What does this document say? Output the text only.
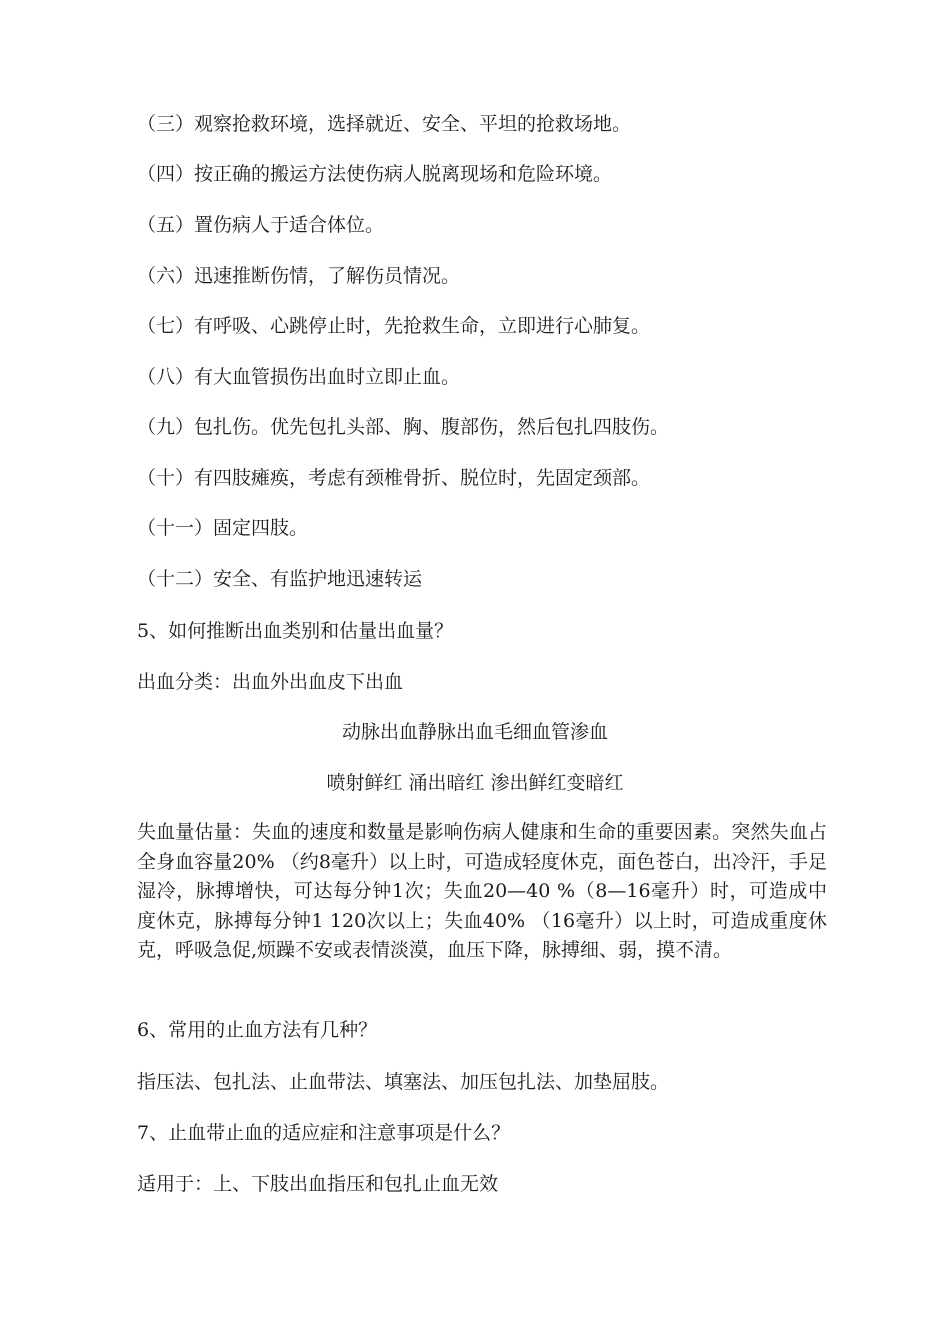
（三）观察抢救环境，选择就近、安全、平坦的抢救场地。

（四）按正确的搬运方法使伤病人脱离现场和危险环境。

（五）置伤病人于适合体位。

（六）迅速推断伤情，了解伤员情况。

（七）有呼吸、心跳停止时，先抢救生命，立即进行心肺复。

（八）有大血管损伤出血时立即止血。

（九）包扎伤。优先包扎头部、胸、腹部伤，然后包扎四肢伤。

（十）有四肢瘫痪，考虑有颈椎骨折、脱位时，先固定颈部。

（十一）固定四肢。

（十二）安全、有监护地迅速转运

5、如何推断出血类别和估量出血量？

出血分类：出血外出血皮下出血

动脉出血静脉出血毛细血管渗血

喷射鲜红 涌出暗红 渗出鲜红变暗红

失血量估量：失血的速度和数量是影响伤病人健康和生命的重要因素。突然失血占全身血容量20% （约8毫升）以上时，可造成轻度休克，面色苍白，出冷汗，手足湿冷，脉搏增快，可达每分钟1次；失血20—40 %（8—16毫升）时，可造成中度休克，脉搏每分钟1 120次以上；失血40% （16毫升）以上时，可造成重度休克，呼吸急促,烦躁不安或表情淡漠，血压下降，脉搏细、弱，摸不清。

6、常用的止血方法有几种？

指压法、包扎法、止血带法、填塞法、加压包扎法、加垫屈肢。

7、止血带止血的适应症和注意事项是什么？

适用于：上、下肢出血指压和包扎止血无效
